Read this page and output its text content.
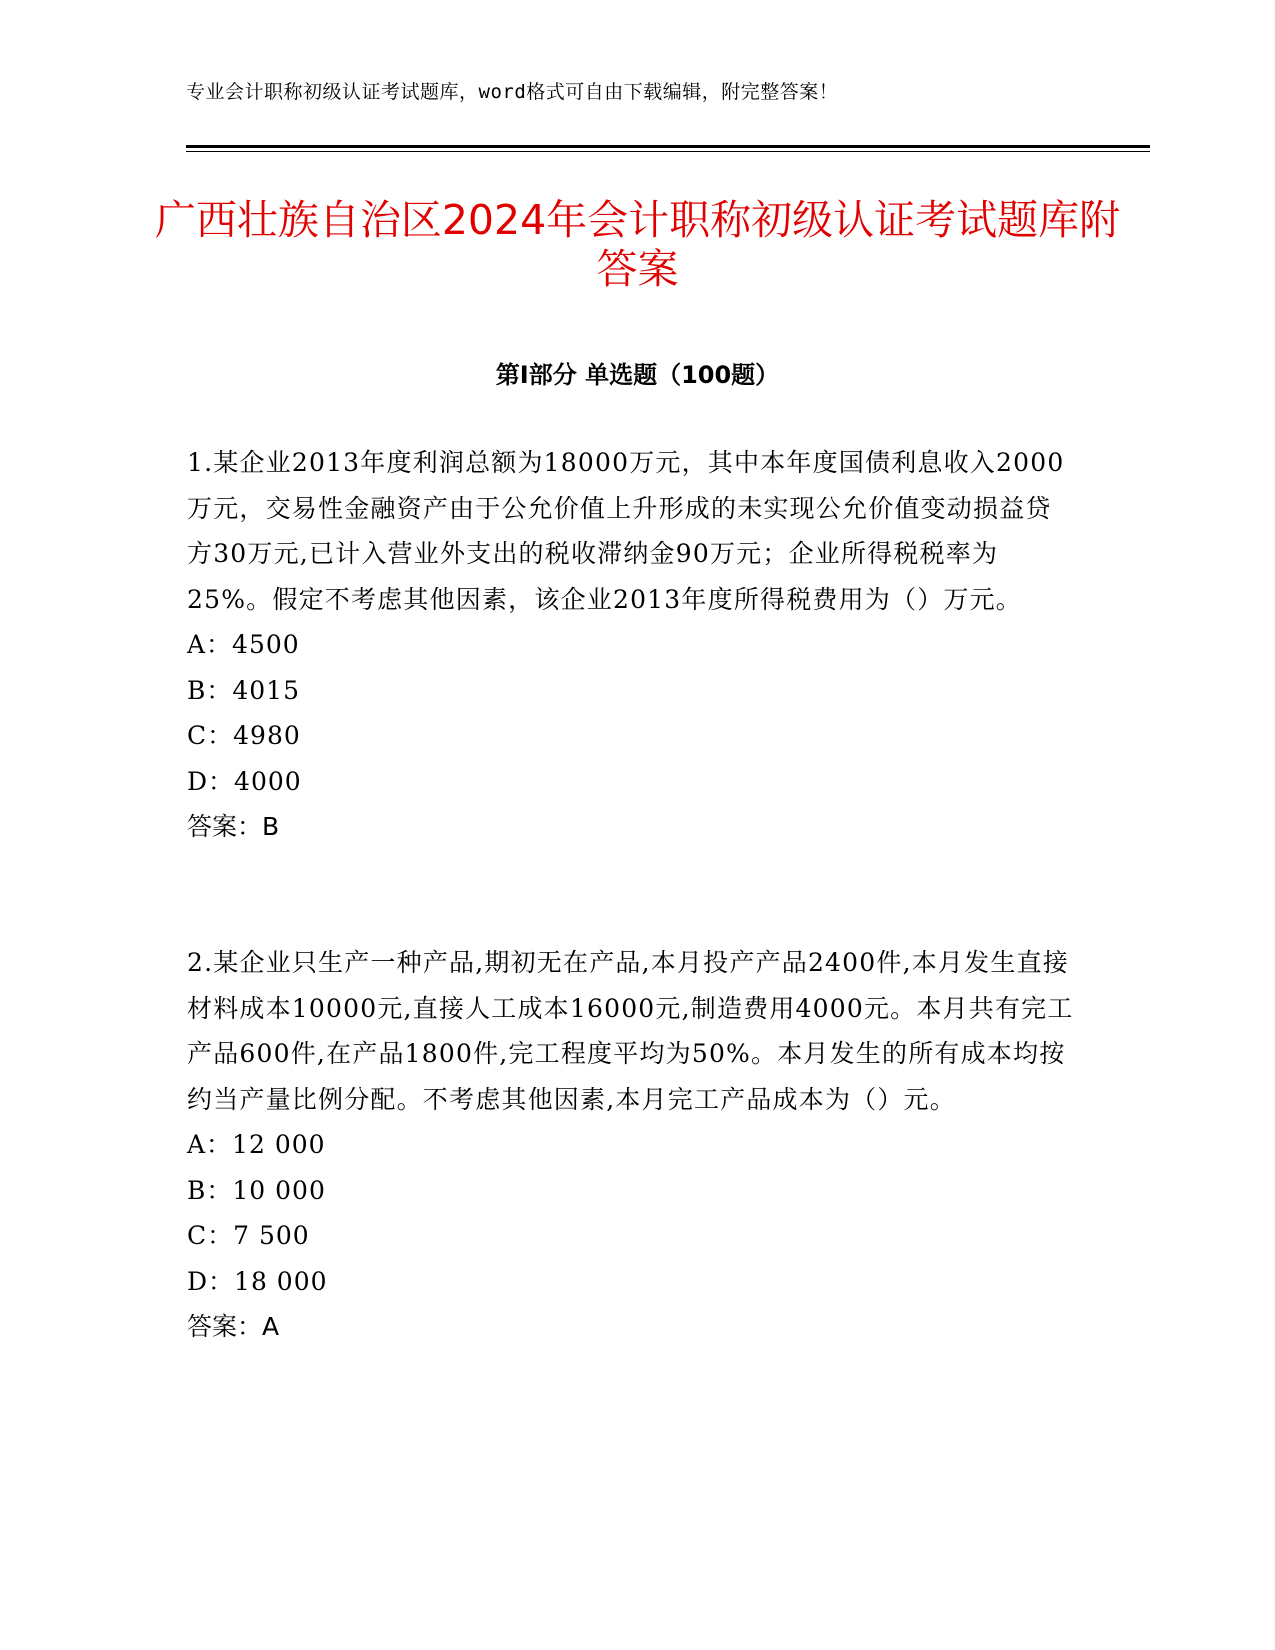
专业会计职称初级认证考试题库，word格式可自由下载编辑，附完整答案！
广西壮族自治区2024年会计职称初级认证考试题库附答案
第Ⅰ部分 单选题（100题）

1.某企业2013年度利润总额为18000万元，其中本年度国债利息收入2000万元，交易性金融资产由于公允价值上升形成的未实现公允价值变动损益贷方30万元,已计入营业外支出的税收滞纳金90万元；企业所得税税率为25%。假定不考虑其他因素，该企业2013年度所得税费用为（）万元。

A：4500

B：4015

C：4980

D：4000

答案：B

2.某企业只生产一种产品,期初无在产品,本月投产产品2400件,本月发生直接材料成本10000元,直接人工成本16000元,制造费用4000元。本月共有完工产品600件,在产品1800件,完工程度平均为50%。本月发生的所有成本均按约当产量比例分配。不考虑其他因素,本月完工产品成本为（）元。

A：12 000

B：10 000

C：7 500

D：18 000

答案：A
